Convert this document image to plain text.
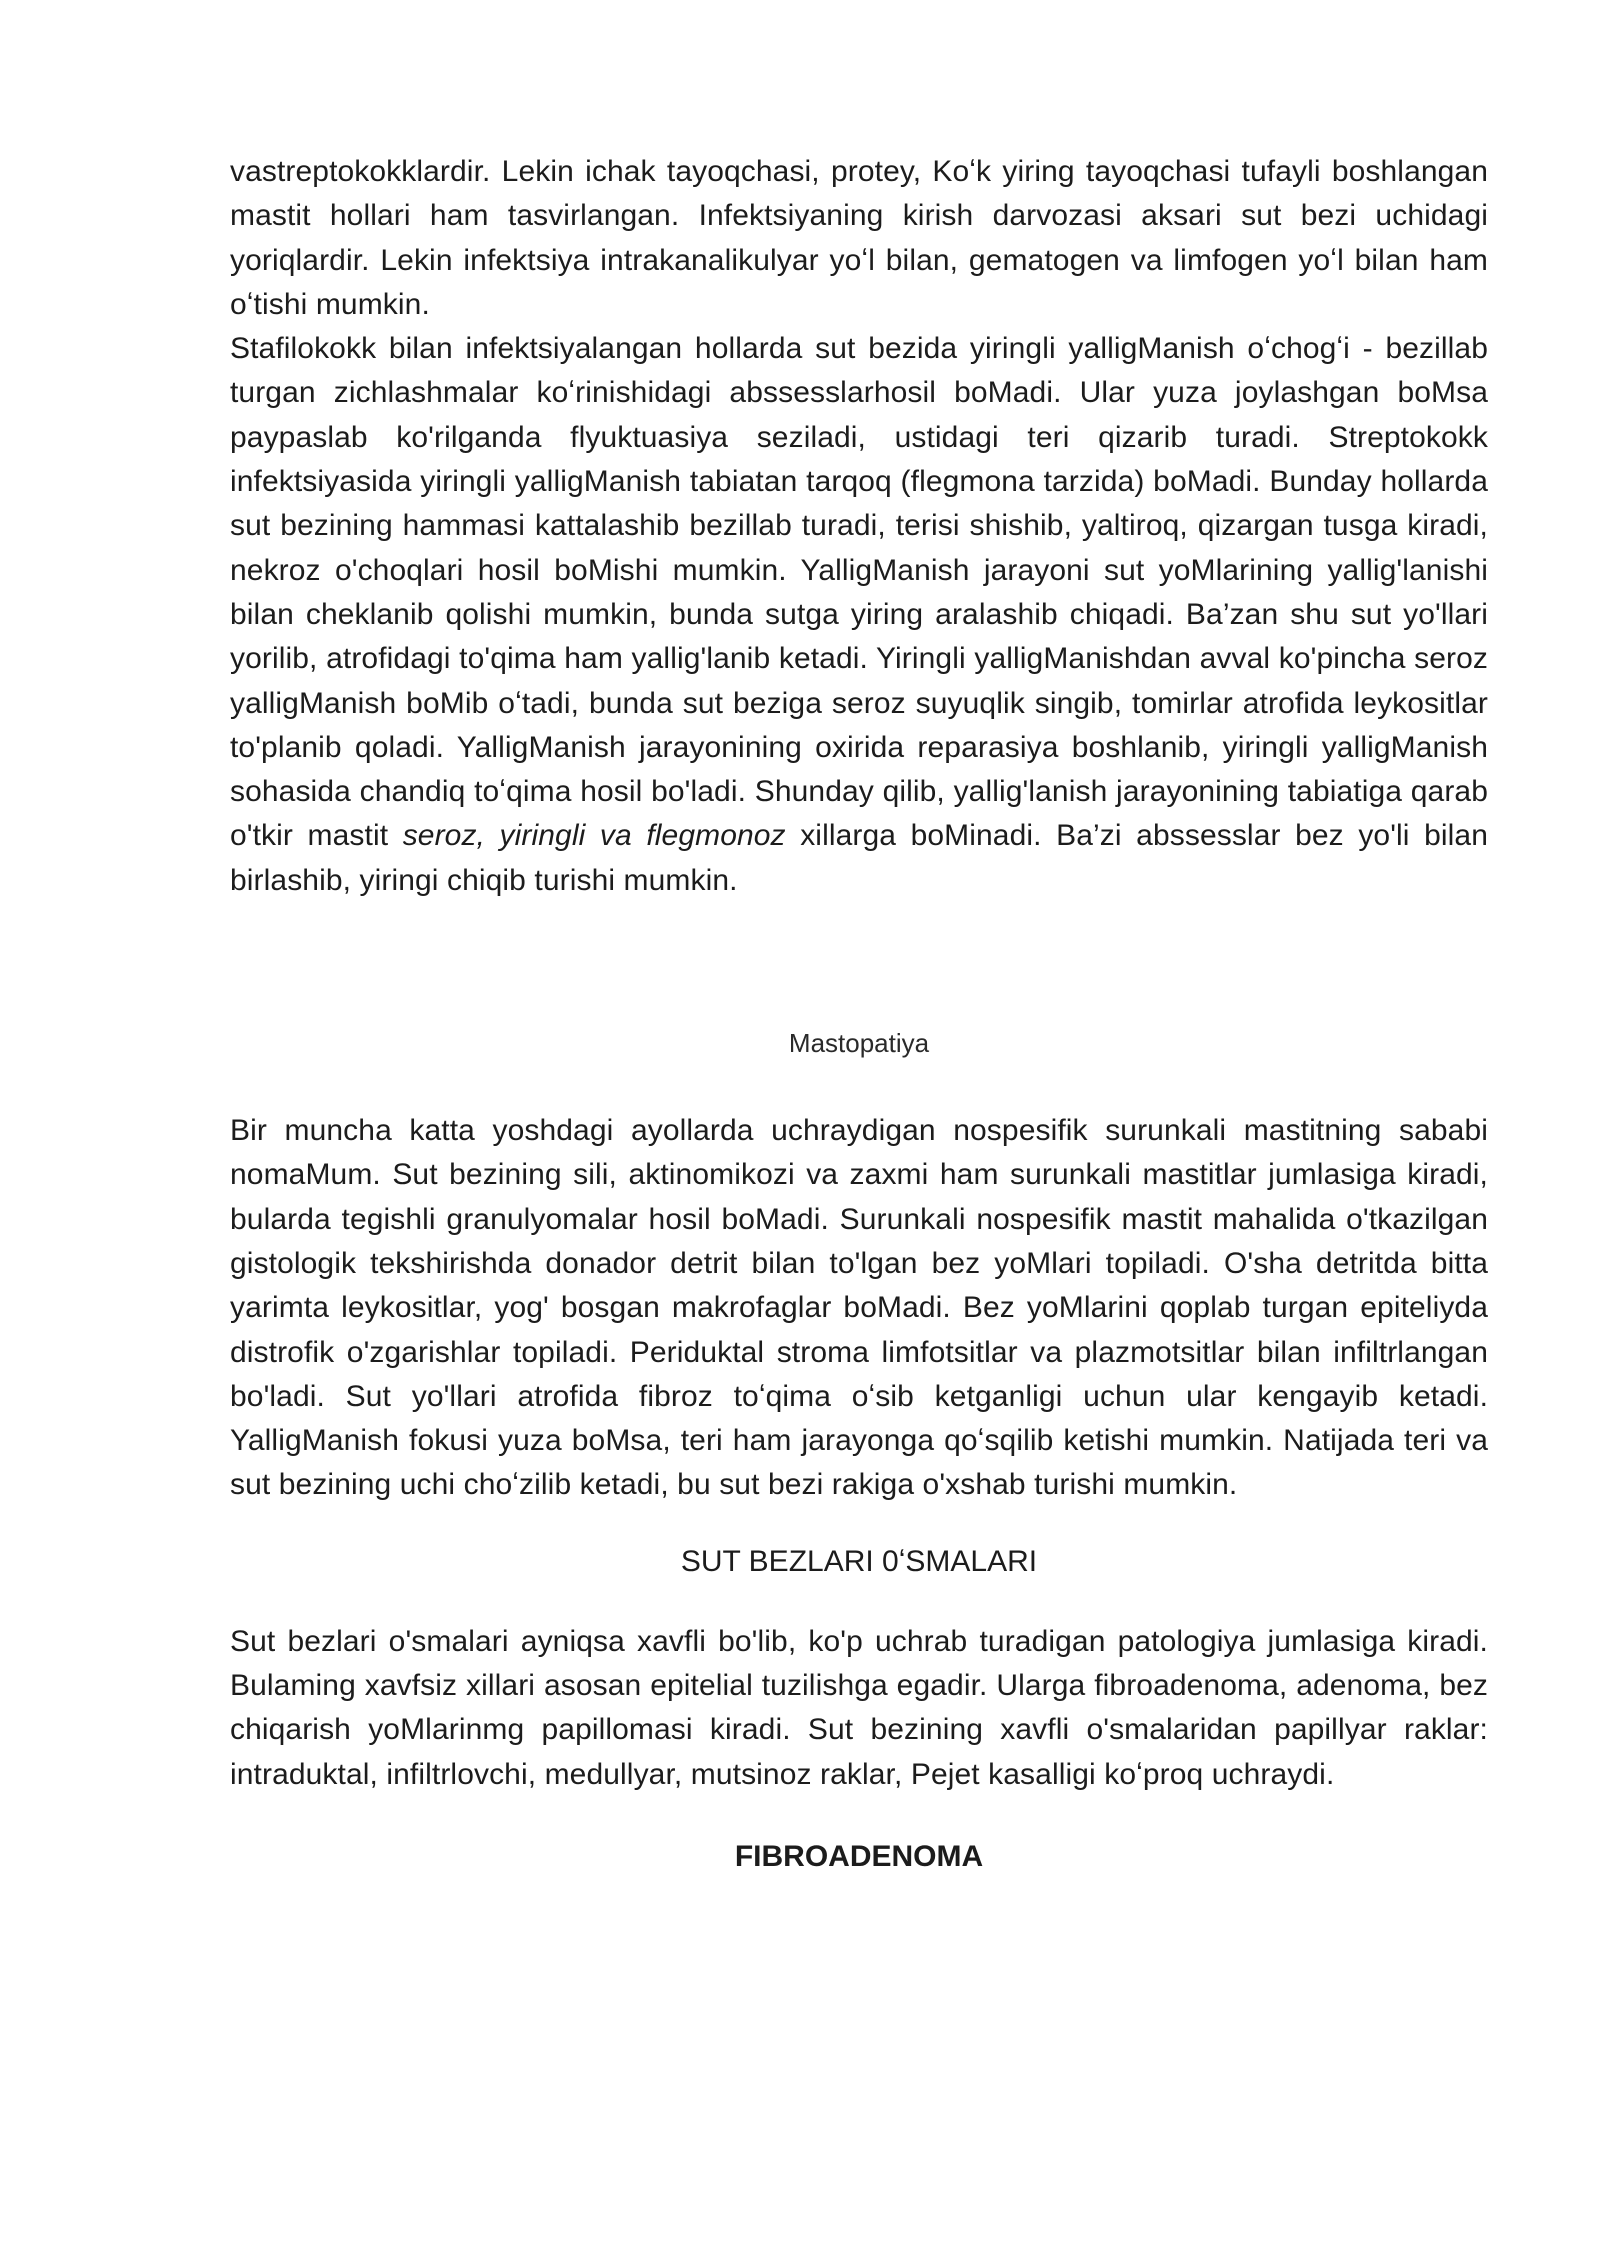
vastreptokokklardir. Lekin ichak tayoqchasi, protey, Koʻk yiring tayoqchasi tufayli boshlangan mastit hollari ham tasvirlangan. Infektsiyaning kirish darvozasi aksari sut bezi uchidagi yoriqlardir. Lekin infektsiya intrakanalikulyar yoʻl bilan, gematogen va limfogen yoʻl bilan ham oʻtishi mumkin.

Stafilokokk bilan infektsiyalangan hollarda sut bezida yiringli yalligManish oʻchogʻi - bezillab turgan zichlashmalar koʻrinishidagi abssesslarhosil boMadi. Ular yuza joylashgan boMsa paypaslab ko'rilganda flyuktuasiya seziladi, ustidagi teri qizarib turadi. Streptokokk infektsiyasida yiringli yalligManish tabiatan tarqoq (flegmona tarzida) boMadi. Bunday hollarda sut bezining hammasi kattalashib bezillab turadi, terisi shishib, yaltiroq, qizargan tusga kiradi, nekroz o'choqlari hosil boMishi mumkin. YalligManish jarayoni sut yoMlarining yallig'lanishi bilan cheklanib qolishi mumkin, bunda sutga yiring aralashib chiqadi. Ba’zan shu sut yo'llari yorilib, atrofidagi to'qima ham yallig'lanib ketadi. Yiringli yalligManishdan avval ko'pincha seroz yalligManish boMib oʻtadi, bunda sut beziga seroz suyuqlik singib, tomirlar atrofida leykositlar to'planib qoladi. YalligManish jarayonining oxirida reparasiya boshlanib, yiringli yalligManish sohasida chandiq toʻqima hosil bo'ladi. Shunday qilib, yallig'lanish jarayonining tabiatiga qarab o'tkir mastit seroz, yiringli va flegmonoz xillarga boMinadi. Ba’zi abssesslar bez yo'li bilan birlashib, yiringi chiqib turishi mumkin.

Mastopatiya

Bir muncha katta yoshdagi ayollarda uchraydigan nospesifik surunkali mastitning sababi nomaMum. Sut bezining sili, aktinomikozi va zaxmi ham surunkali mastitlar jumlasiga kiradi, bularda tegishli granulyomalar hosil boMadi. Surunkali nospesifik mastit mahalida o'tkazilgan gistologik tekshirishda donador detrit bilan to'lgan bez yoMlari topiladi. O'sha detritda bitta yarimta leykositlar, yog' bosgan makrofaglar boMadi. Bez yoMlarini qoplab turgan epiteliyda distrofik o'zgarishlar topiladi. Periduktal stroma limfotsitlar va plazmotsitlar bilan infiltrlangan bo'ladi. Sut yo'llari atrofida fibroz toʻqima oʻsib ketganligi uchun ular kengayib ketadi. YalligManish fokusi yuza boMsa, teri ham jarayonga qoʻsqilib ketishi mumkin. Natijada teri va sut bezining uchi choʻzilib ketadi, bu sut bezi rakiga o'xshab turishi mumkin.

SUT BEZLARI 0ʻSMALARI

Sut bezlari o'smalari ayniqsa xavfli bo'lib, ko'p uchrab turadigan patologiya jumlasiga kiradi. Bulaming xavfsiz xillari asosan epitelial tuzilishga egadir. Ularga fibroadenoma, adenoma, bez chiqarish yoMlarinmg papillomasi kiradi. Sut bezining xavfli o'smalaridan papillyar raklar: intraduktal, infiltrlovchi, medullyar, mutsinoz raklar, Pejet kasalligi koʻproq uchraydi.

FIBROADENOMA
